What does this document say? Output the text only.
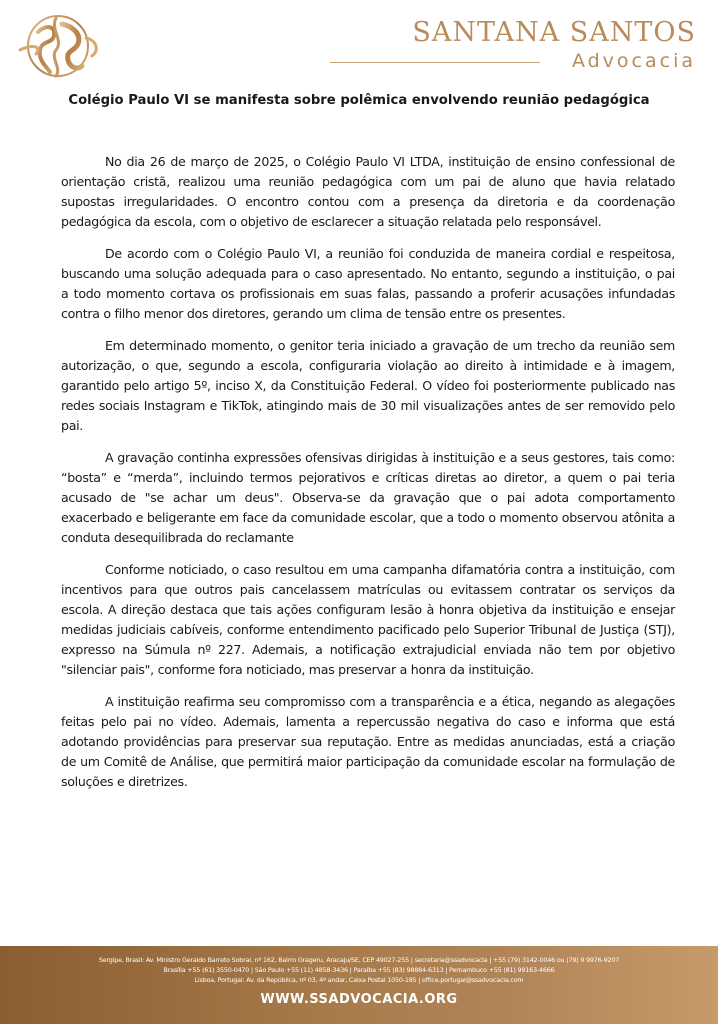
SANTANA SANTOS
Advocacia
Colégio Paulo VI se manifesta sobre polêmica envolvendo reunião pedagógica

No dia 26 de março de 2025, o Colégio Paulo VI LTDA, instituição de ensino confessional de orientação cristã, realizou uma reunião pedagógica com um pai de aluno que havia relatado supostas irregularidades. O encontro contou com a presença da diretoria e da coordenação pedagógica da escola, com o objetivo de esclarecer a situação relatada pelo responsável.

De acordo com o Colégio Paulo VI, a reunião foi conduzida de maneira cordial e respeitosa, buscando uma solução adequada para o caso apresentado. No entanto, segundo a instituição, o pai a todo momento cortava os profissionais em suas falas, passando a proferir acusações infundadas contra o filho menor dos diretores, gerando um clima de tensão entre os presentes.

Em determinado momento, o genitor teria iniciado a gravação de um trecho da reunião sem autorização, o que, segundo a escola, configuraria violação ao direito à intimidade e à imagem, garantido pelo artigo 5º, inciso X, da Constituição Federal. O vídeo foi posteriormente publicado nas redes sociais Instagram e TikTok, atingindo mais de 30 mil visualizações antes de ser removido pelo pai.

A gravação continha expressões ofensivas dirigidas à instituição e a seus gestores, tais como: “bosta” e “merda”, incluindo termos pejorativos e críticas diretas ao diretor, a quem o pai teria acusado de "se achar um deus". Observa-se da gravação que o pai adota comportamento exacerbado e beligerante em face da comunidade escolar, que a todo o momento observou atônita a conduta desequilibrada do reclamante

Conforme noticiado, o caso resultou em uma campanha difamatória contra a instituição, com incentivos para que outros pais cancelassem matrículas ou evitassem contratar os serviços da escola. A direção destaca que tais ações configuram lesão à honra objetiva da instituição e ensejar medidas judiciais cabíveis, conforme entendimento pacificado pelo Superior Tribunal de Justiça (STJ), expresso na Súmula nº 227. Ademais, a notificação extrajudicial enviada não tem por objetivo "silenciar pais", conforme fora noticiado, mas preservar a honra da instituição.

A instituição reafirma seu compromisso com a transparência e a ética, negando as alegações feitas pelo pai no vídeo. Ademais, lamenta a repercussão negativa do caso e informa que está adotando providências para preservar sua reputação. Entre as medidas anunciadas, está a criação de um Comitê de Análise, que permitirá maior participação da comunidade escolar na formulação de soluções e diretrizes.

Sergipe, Brasil: Av. Ministro Geraldo Barreto Sobral, nº 162, Bairro Grageru, Aracaju/SE, CEP 49027-255 | secretaria@ssadvocacia | +55 (79) 3142-0046 ou (79) 9 9976-9207
Brasília +55 (61) 3550-0470 | São Paulo +55 (11) 4858-3436 | Paraíba +55 (83) 98884-6313 | Pernambuco +55 (81) 99163-4666
Lisboa, Portugal: Av. da República, nº 03, 4º andar, Caixa Postal 1050-185 | office.portugal@ssadvocacia.com
WWW.SSADVOCACIA.ORG
